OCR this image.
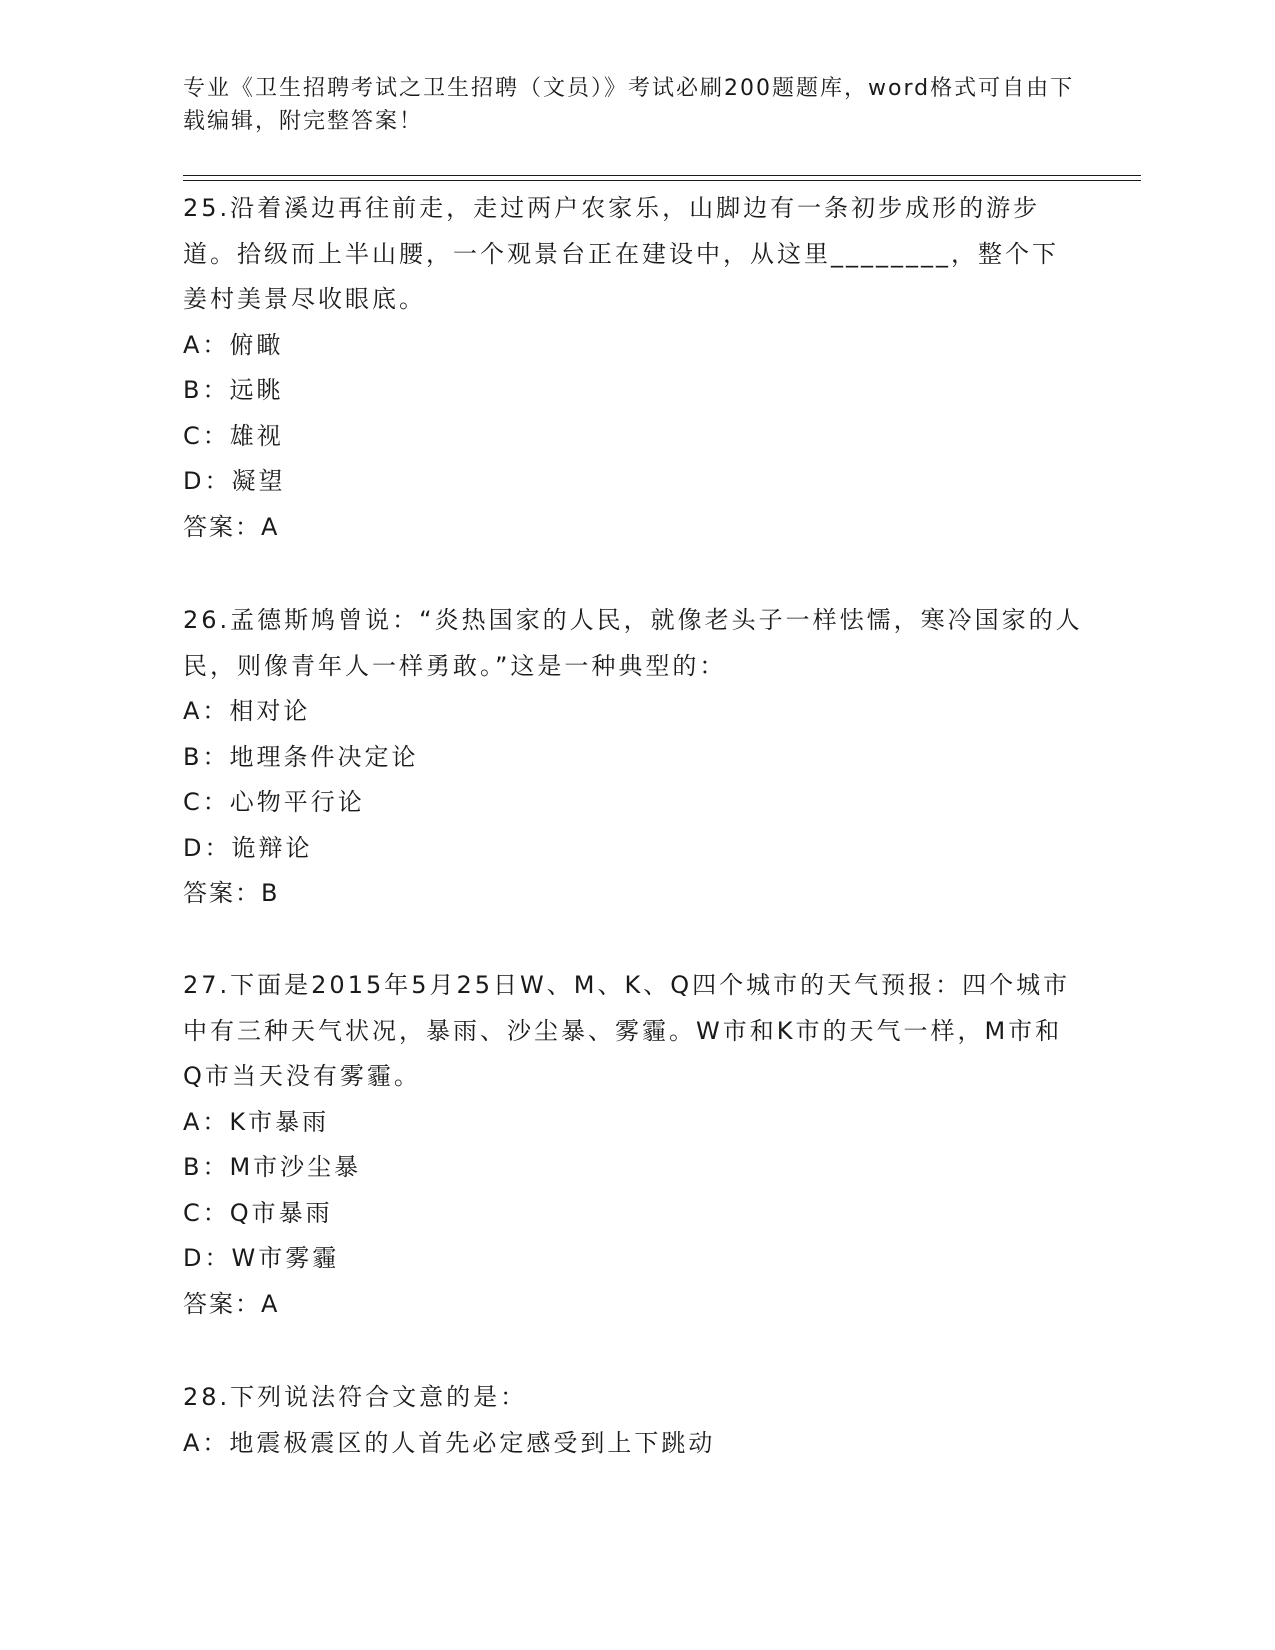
专业《卫生招聘考试之卫生招聘（文员）》考试必刷200题题库，word格式可自由下载编辑，附完整答案！
25.沿着溪边再往前走，走过两户农家乐，山脚边有一条初步成形的游步道。拾级而上半山腰，一个观景台正在建设中，从这里________，整个下姜村美景尽收眼底。
A：俯瞰
B：远眺
C：雄视
D：凝望
答案：A
26.孟德斯鸠曾说：“炎热国家的人民，就像老头子一样怯懦，寒冷国家的人民，则像青年人一样勇敢。”这是一种典型的：
A：相对论
B：地理条件决定论
C：心物平行论
D：诡辩论
答案：B
27.下面是2015年5月25日W、M、K、Q四个城市的天气预报：四个城市中有三种天气状况，暴雨、沙尘暴、雾霾。W市和K市的天气一样，M市和Q市当天没有雾霾。
A：K市暴雨
B：M市沙尘暴
C：Q市暴雨
D：W市雾霾
答案：A
28.下列说法符合文意的是：
A：地震极震区的人首先必定感受到上下跳动
